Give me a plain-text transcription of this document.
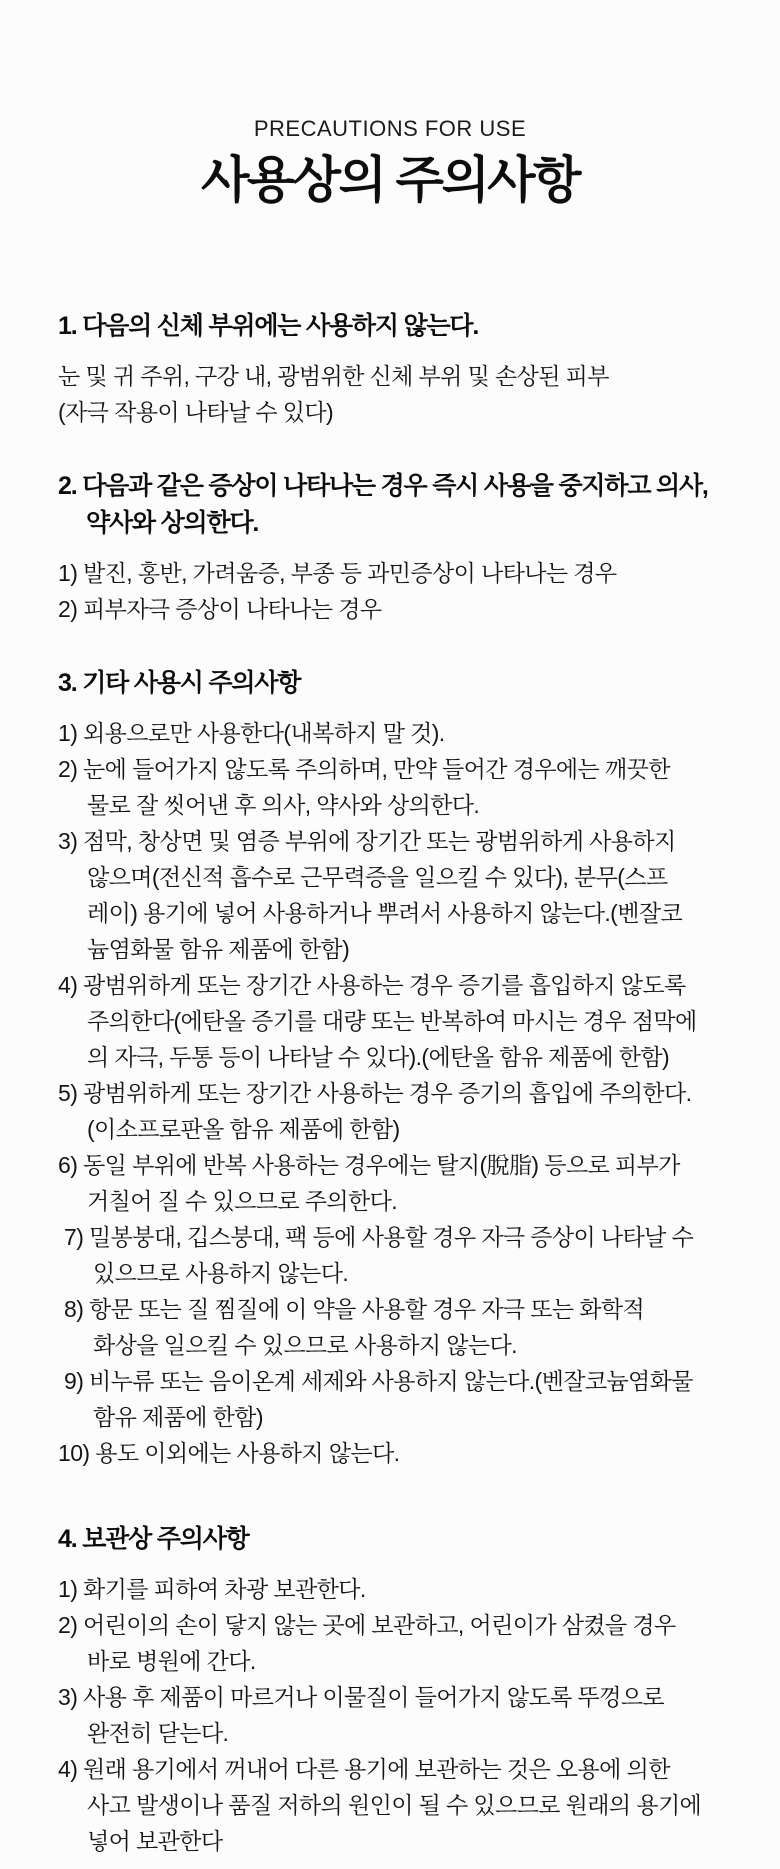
PRECAUTIONS FOR USE
사용상의 주의사항
1. 다음의 신체 부위에는 사용하지 않는다.
눈 및 귀 주위, 구강 내, 광범위한 신체 부위 및 손상된 피부
(자극 작용이 나타날 수 있다)
2. 다음과 같은 증상이 나타나는 경우 즉시 사용을 중지하고 의사,
약사와 상의한다.
1) 발진, 홍반, 가려움증, 부종 등 과민증상이 나타나는 경우
2) 피부자극 증상이 나타나는 경우
3. 기타 사용시 주의사항
1) 외용으로만 사용한다(내복하지 말 것).
2) 눈에 들어가지 않도록 주의하며, 만약 들어간 경우에는 깨끗한
물로 잘 씻어낸 후 의사, 약사와 상의한다.
3) 점막, 창상면 및 염증 부위에 장기간 또는 광범위하게 사용하지
않으며(전신적 흡수로 근무력증을 일으킬 수 있다), 분무(스프
레이) 용기에 넣어 사용하거나 뿌려서 사용하지 않는다.(벤잘코
늄염화물 함유 제품에 한함)
4) 광범위하게 또는 장기간 사용하는 경우 증기를 흡입하지 않도록
주의한다(에탄올 증기를 대량 또는 반복하여 마시는 경우 점막에
의 자극, 두통 등이 나타날 수 있다).(에탄올 함유 제품에 한함)
5) 광범위하게 또는 장기간 사용하는 경우 증기의 흡입에 주의한다.
(이소프로판올 함유 제품에 한함)
6) 동일 부위에 반복 사용하는 경우에는 탈지(脫脂) 등으로 피부가
거칠어 질 수 있으므로 주의한다.
7) 밀봉붕대, 깁스붕대, 팩 등에 사용할 경우 자극 증상이 나타날 수
있으므로 사용하지 않는다.
8) 항문 또는 질 찜질에 이 약을 사용할 경우 자극 또는 화학적
화상을 일으킬 수 있으므로 사용하지 않는다.
9) 비누류 또는 음이온계 세제와 사용하지 않는다.(벤잘코늄염화물
함유 제품에 한함)
10) 용도 이외에는 사용하지 않는다.
4. 보관상 주의사항
1) 화기를 피하여 차광 보관한다.
2) 어린이의 손이 닿지 않는 곳에 보관하고, 어린이가 삼켰을 경우
바로 병원에 간다.
3) 사용 후 제품이 마르거나 이물질이 들어가지 않도록 뚜껑으로
완전히 닫는다.
4) 원래 용기에서 꺼내어 다른 용기에 보관하는 것은 오용에 의한
사고 발생이나 품질 저하의 원인이 될 수 있으므로 원래의 용기에
넣어 보관한다
